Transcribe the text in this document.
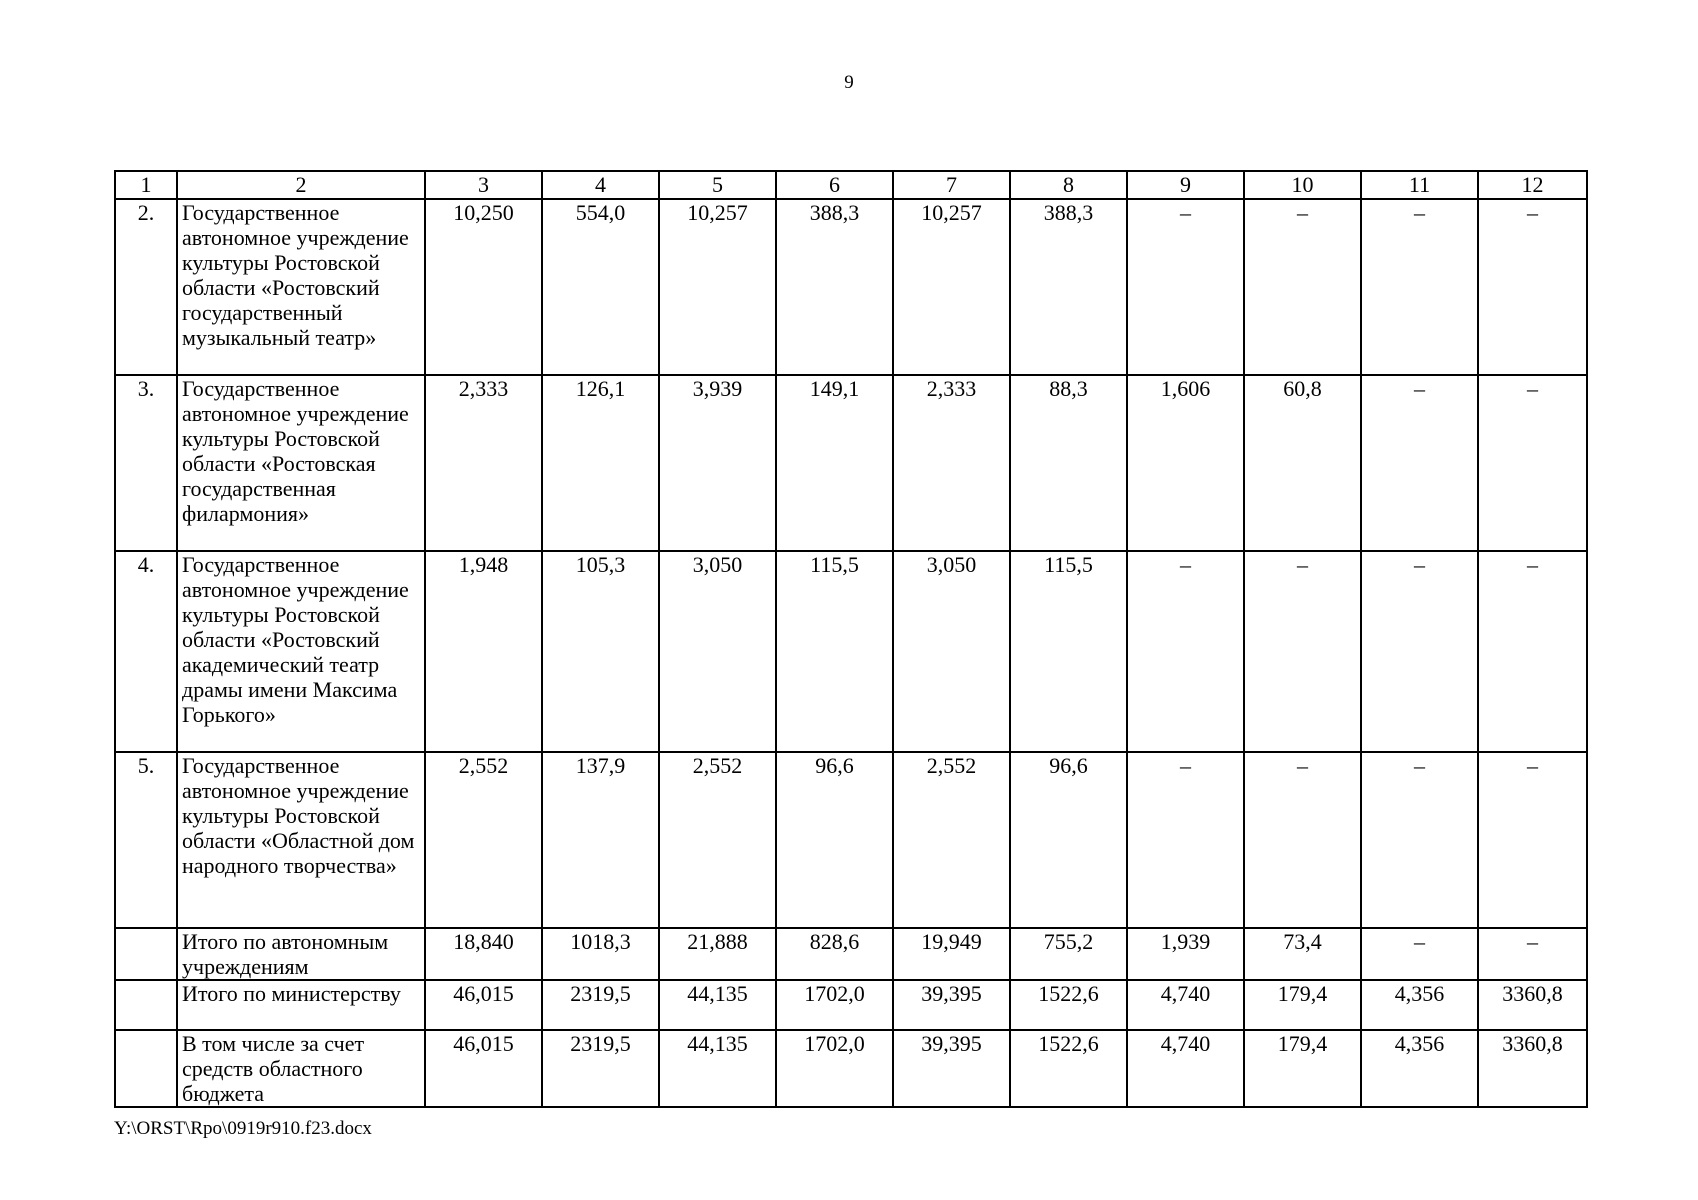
9
1	2	3	4	5	6	7	8	9	10	11	12
2.	Государственное автономное учреждение культуры Ростовской области «Ростовский государственный музыкальный театр»	10,250	554,0	10,257	388,3	10,257	388,3	–	–	–	–
3.	Государственное автономное учреждение культуры Ростовской области «Ростовская государственная филармония»	2,333	126,1	3,939	149,1	2,333	88,3	1,606	60,8	–	–
4.	Государственное автономное учреждение культуры Ростовской области «Ростовский академический театр драмы имени Максима Горького»	1,948	105,3	3,050	115,5	3,050	115,5	–	–	–	–
5.	Государственное автономное учреждение культуры Ростовской области «Областной дом народного творчества»	2,552	137,9	2,552	96,6	2,552	96,6	–	–	–	–
	Итого по автономным учреждениям	18,840	1018,3	21,888	828,6	19,949	755,2	1,939	73,4	–	–
	Итого по министерству	46,015	2319,5	44,135	1702,0	39,395	1522,6	4,740	179,4	4,356	3360,8
	В том числе за счет средств областного бюджета	46,015	2319,5	44,135	1702,0	39,395	1522,6	4,740	179,4	4,356	3360,8
Y:\ORST\Rpo\0919r910.f23.docx
